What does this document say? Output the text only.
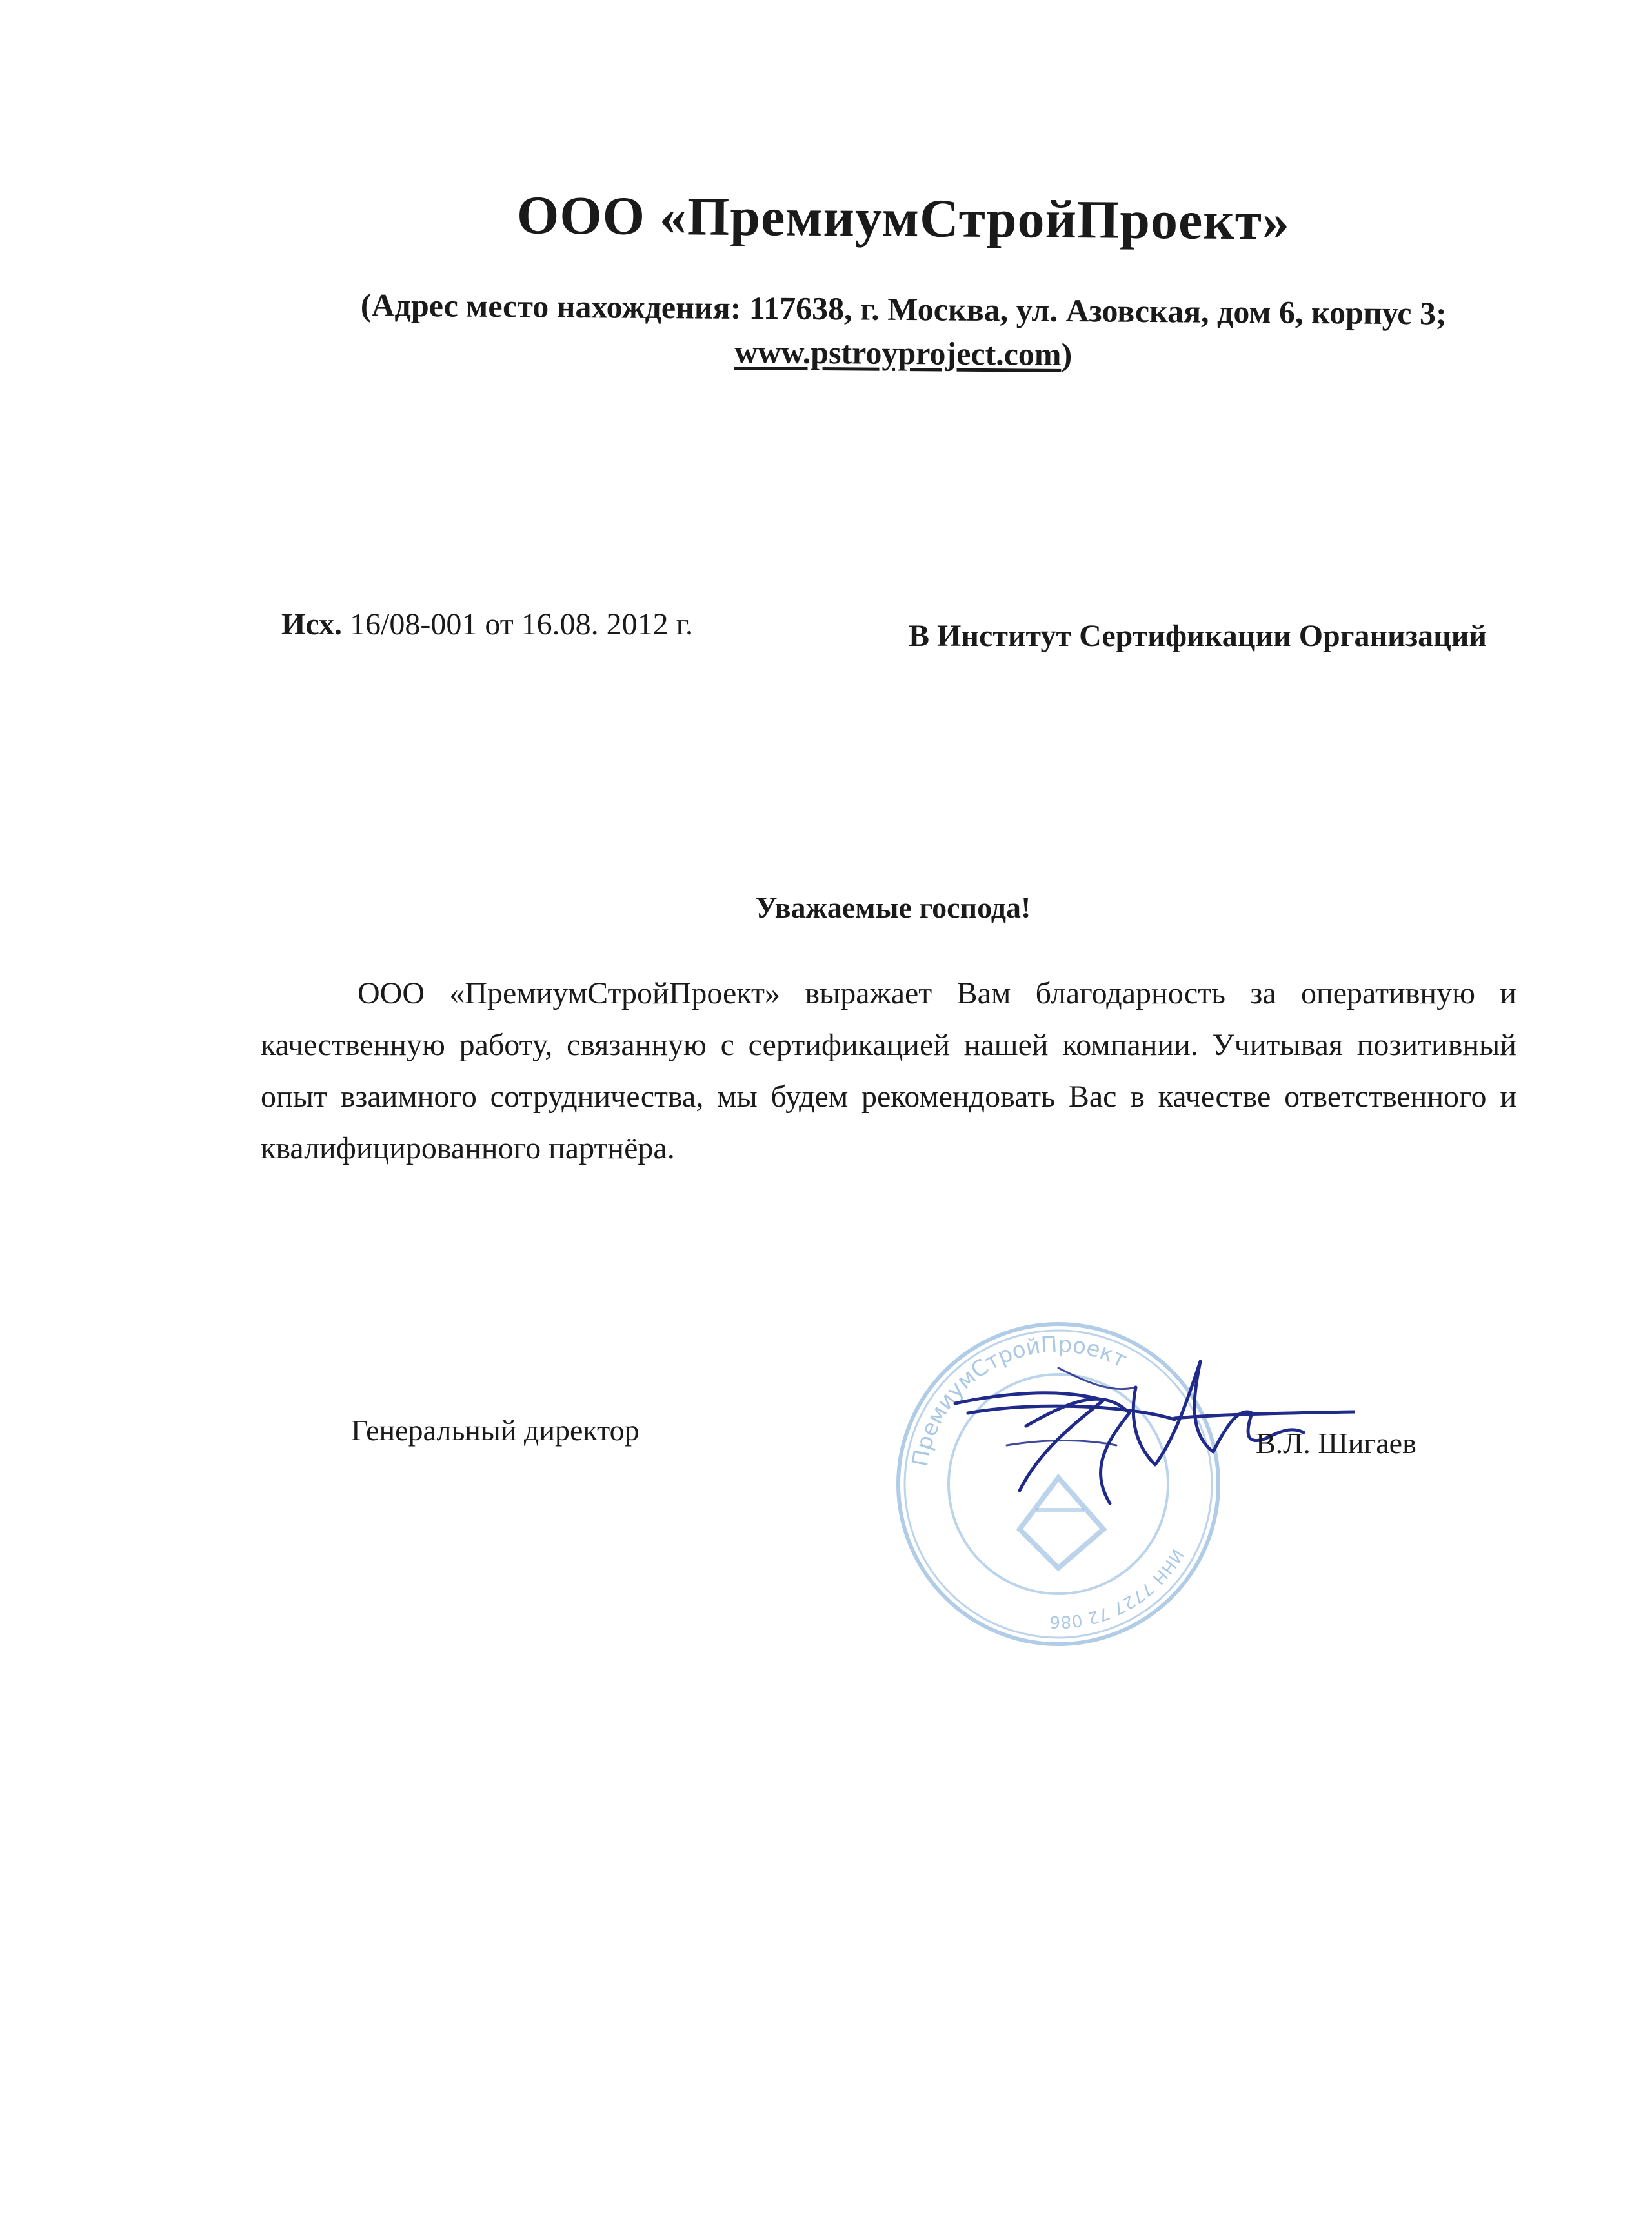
ООО «ПремиумСтройПроект»
(Адрес место нахождения: 117638, г. Москва, ул. Азовская, дом 6, корпус 3;
www.pstroyproject.com)
Исх. 16/08-001 от 16.08. 2012 г.	В Институт Сертификации Организаций
Уважаемые господа!
ООО «ПремиумСтройПроект» выражает Вам благодарность за оперативную и качественную работу, связанную с сертификацией нашей компании. Учитывая позитивный опыт взаимного сотрудничества, мы будем рекомендовать Вас в качестве ответственного и квалифицированного партнёра.
Генеральный директор
ПремиумСтройПроект
ИНН 7727 72 086
В.Л. Шигаев
